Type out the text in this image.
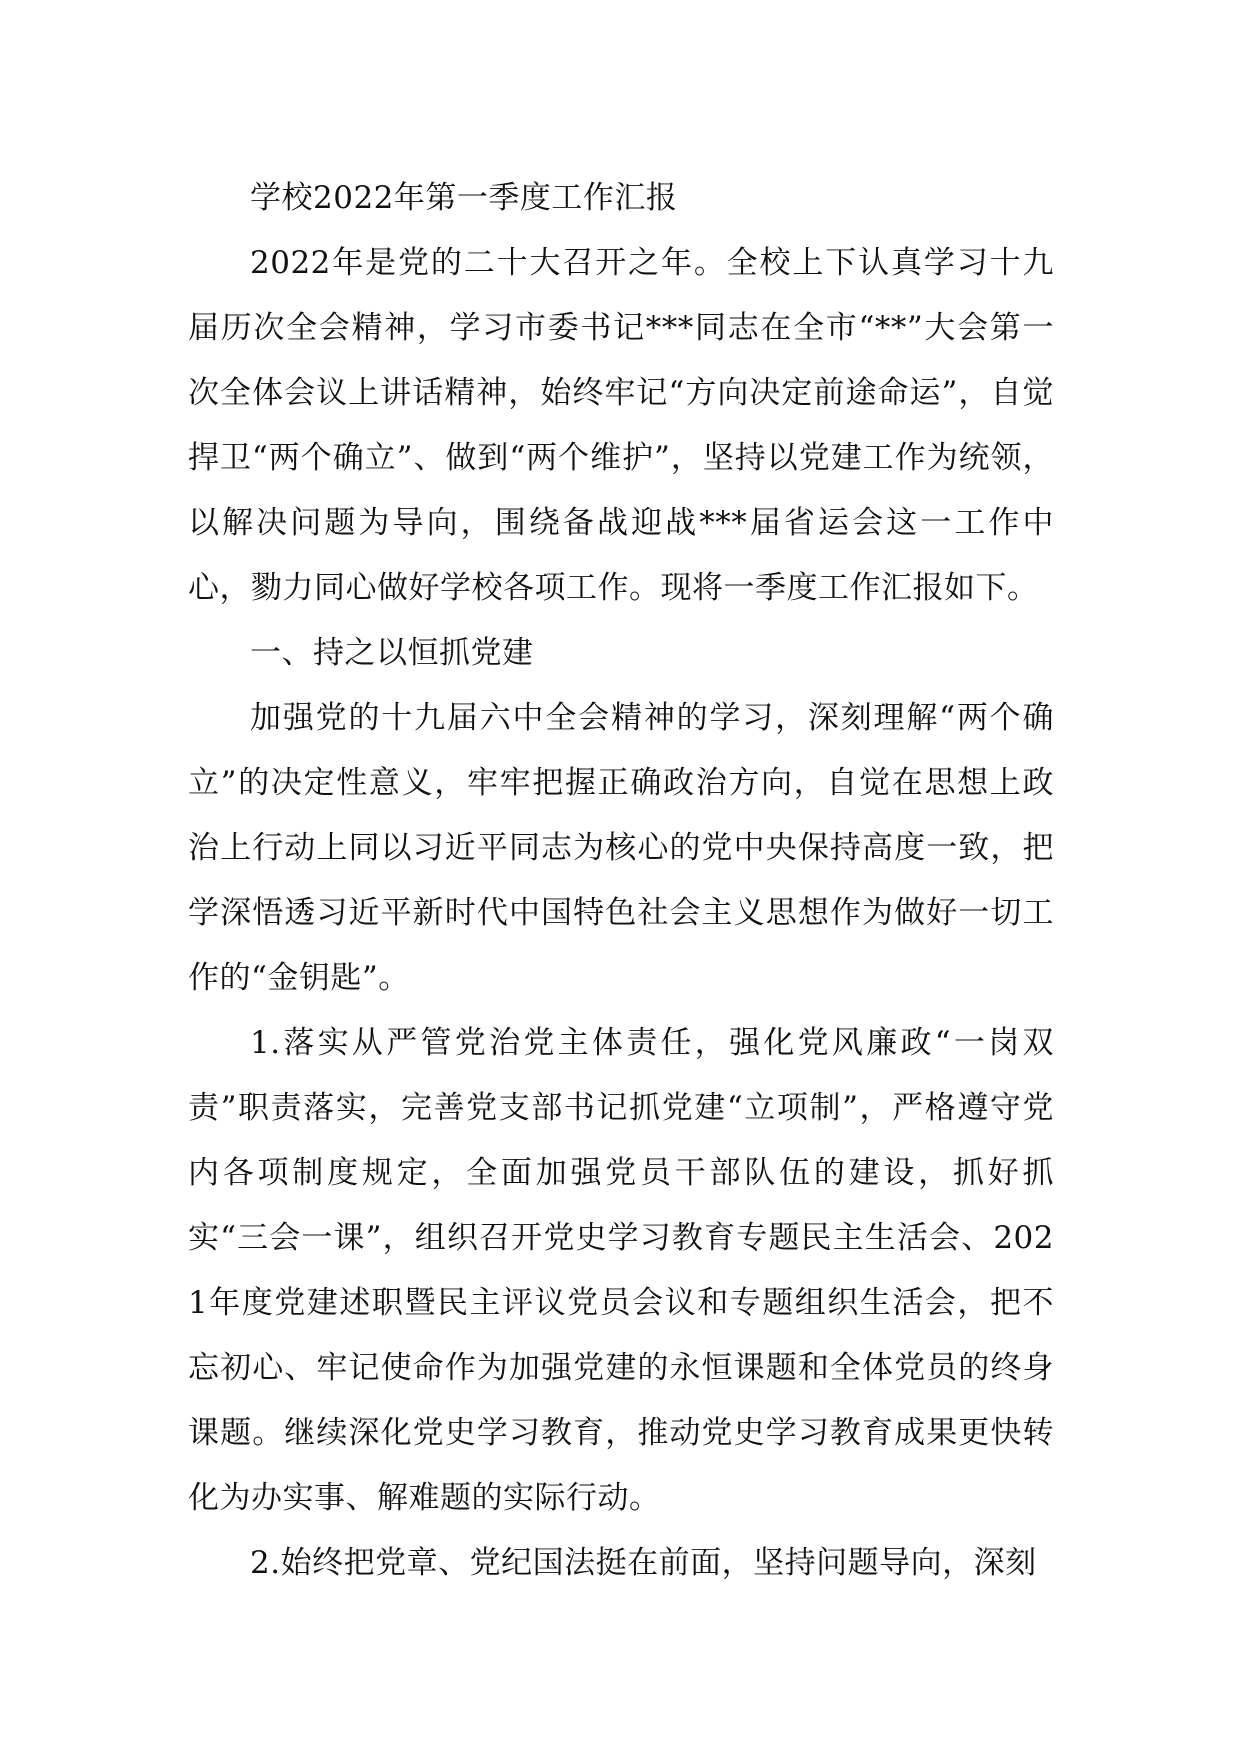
学校2022年第一季度工作汇报

2022年是党的二十大召开之年。全校上下认真学习十九届历次全会精神，学习市委书记***同志在全市“**”大会第一次全体会议上讲话精神，始终牢记“方向决定前途命运”，自觉捍卫“两个确立”、做到“两个维护”，坚持以党建工作为统领，以解决问题为导向，围绕备战迎战***届省运会这一工作中心，勠力同心做好学校各项工作。现将一季度工作汇报如下。

一、持之以恒抓党建

加强党的十九届六中全会精神的学习，深刻理解“两个确立”的决定性意义，牢牢把握正确政治方向，自觉在思想上政治上行动上同以习近平同志为核心的党中央保持高度一致，把学深悟透习近平新时代中国特色社会主义思想作为做好一切工作的“金钥匙”。

1.落实从严管党治党主体责任，强化党风廉政“一岗双责”职责落实，完善党支部书记抓党建“立项制”，严格遵守党内各项制度规定，全面加强党员干部队伍的建设，抓好抓实“三会一课”，组织召开党史学习教育专题民主生活会、2021年度党建述职暨民主评议党员会议和专题组织生活会，把不忘初心、牢记使命作为加强党建的永恒课题和全体党员的终身课题。继续深化党史学习教育，推动党史学习教育成果更快转化为办实事、解难题的实际行动。

2.始终把党章、党纪国法挺在前面，坚持问题导向，深刻
